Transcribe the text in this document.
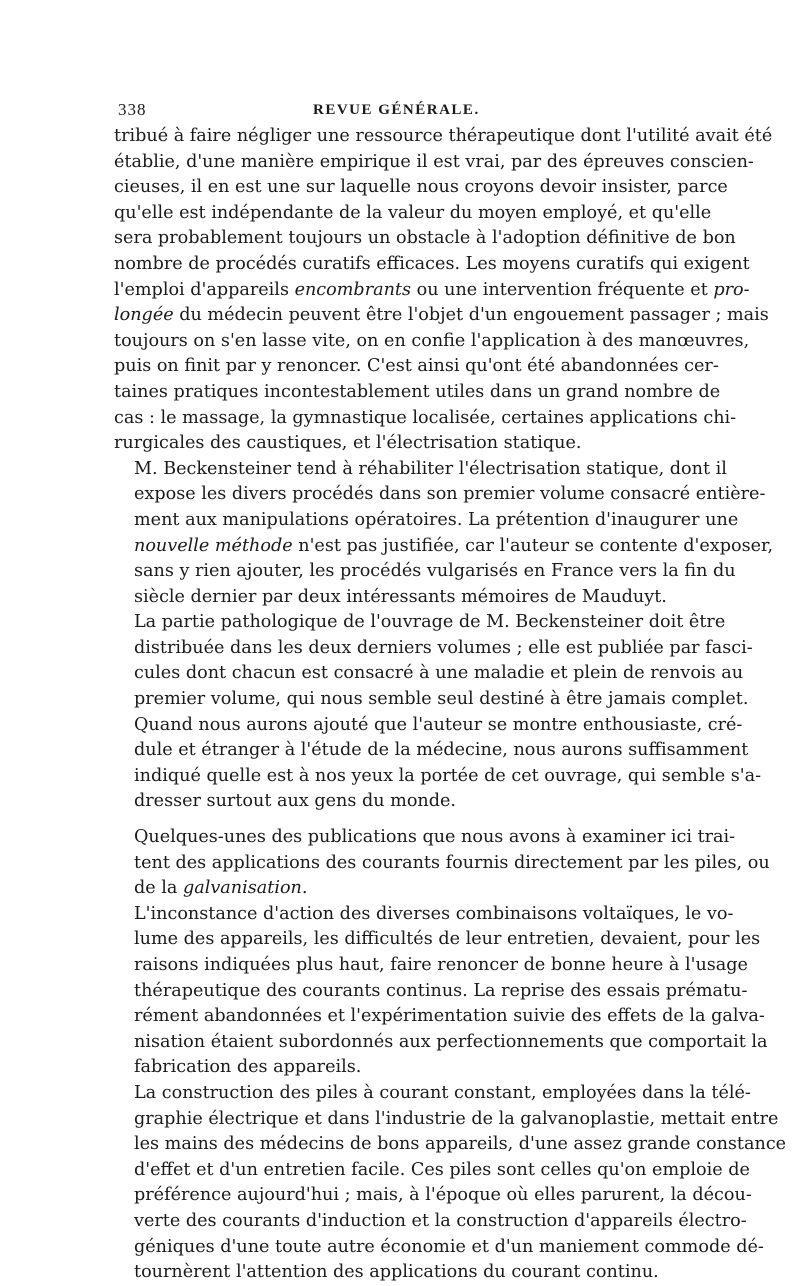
338	REVUE GÉNÉRALE.

tribué à faire négliger une ressource thérapeutique dont l'utilité avait été
établie, d'une manière empirique il est vrai, par des épreuves conscien-
cieuses, il en est une sur laquelle nous croyons devoir insister, parce
qu'elle est indépendante de la valeur du moyen employé, et qu'elle
sera probablement toujours un obstacle à l'adoption définitive de bon
nombre de procédés curatifs efficaces. Les moyens curatifs qui exigent
l'emploi d'appareils encombrants ou une intervention fréquente et pro-
longée du médecin peuvent être l'objet d'un engouement passager ; mais
toujours on s'en lasse vite, on en confie l'application à des manœuvres,
puis on finit par y renoncer. C'est ainsi qu'ont été abandonnées cer-
taines pratiques incontestablement utiles dans un grand nombre de
cas : le massage, la gymnastique localisée, certaines applications chi-
rurgicales des caustiques, et l'électrisation statique.

M. Beckensteiner tend à réhabiliter l'électrisation statique, dont il
expose les divers procédés dans son premier volume consacré entière-
ment aux manipulations opératoires. La prétention d'inaugurer une
nouvelle méthode n'est pas justifiée, car l'auteur se contente d'exposer,
sans y rien ajouter, les procédés vulgarisés en France vers la fin du
siècle dernier par deux intéressants mémoires de Mauduyt.

La partie pathologique de l'ouvrage de M. Beckensteiner doit être
distribuée dans les deux derniers volumes ; elle est publiée par fasci-
cules dont chacun est consacré à une maladie et plein de renvois au
premier volume, qui nous semble seul destiné à être jamais complet.

Quand nous aurons ajouté que l'auteur se montre enthousiaste, cré-
dule et étranger à l'étude de la médecine, nous aurons suffisamment
indiqué quelle est à nos yeux la portée de cet ouvrage, qui semble s'a-
dresser surtout aux gens du monde.

Quelques-unes des publications que nous avons à examiner ici trai-
tent des applications des courants fournis directement par les piles, ou
de la galvanisation.

L'inconstance d'action des diverses combinaisons voltaïques, le vo-
lume des appareils, les difficultés de leur entretien, devaient, pour les
raisons indiquées plus haut, faire renoncer de bonne heure à l'usage
thérapeutique des courants continus. La reprise des essais prématu-
rément abandonnées et l'expérimentation suivie des effets de la galva-
nisation étaient subordonnés aux perfectionnements que comportait la
fabrication des appareils.

La construction des piles à courant constant, employées dans la télé-
graphie électrique et dans l'industrie de la galvanoplastie, mettait entre
les mains des médecins de bons appareils, d'une assez grande constance
d'effet et d'un entretien facile. Ces piles sont celles qu'on emploie de
préférence aujourd'hui ; mais, à l'époque où elles parurent, la décou-
verte des courants d'induction et la construction d'appareils électro-
géniques d'une toute autre économie et d'un maniement commode dé-
tournèrent l'attention des applications du courant continu.
